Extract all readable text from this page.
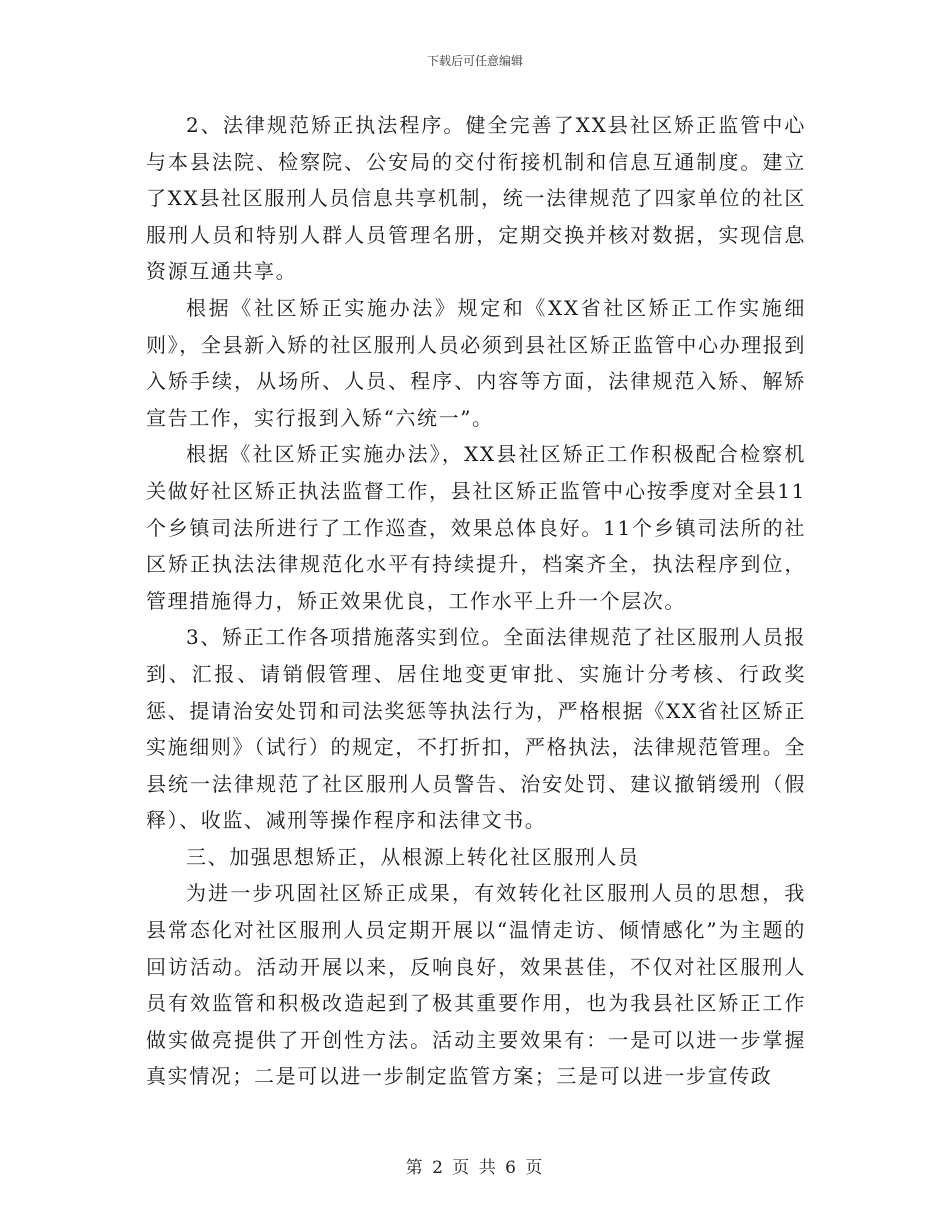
下载后可任意编辑

2、法律规范矫正执法程序。健全完善了XX县社区矫正监管中心与本县法院、检察院、公安局的交付衔接机制和信息互通制度。建立了XX县社区服刑人员信息共享机制，统一法律规范了四家单位的社区服刑人员和特别人群人员管理名册，定期交换并核对数据，实现信息资源互通共享。

根据《社区矫正实施办法》规定和《XX省社区矫正工作实施细则》，全县新入矫的社区服刑人员必须到县社区矫正监管中心办理报到入矫手续，从场所、人员、程序、内容等方面，法律规范入矫、解矫宣告工作，实行报到入矫“六统一”。

根据《社区矫正实施办法》，XX县社区矫正工作积极配合检察机关做好社区矫正执法监督工作，县社区矫正监管中心按季度对全县11个乡镇司法所进行了工作巡查，效果总体良好。11个乡镇司法所的社区矫正执法法律规范化水平有持续提升，档案齐全，执法程序到位，管理措施得力，矫正效果优良，工作水平上升一个层次。

3、矫正工作各项措施落实到位。全面法律规范了社区服刑人员报到、汇报、请销假管理、居住地变更审批、实施计分考核、行政奖惩、提请治安处罚和司法奖惩等执法行为，严格根据《XX省社区矫正实施细则》（试行）的规定，不打折扣，严格执法，法律规范管理。全县统一法律规范了社区服刑人员警告、治安处罚、建议撤销缓刑（假释）、收监、减刑等操作程序和法律文书。

三、加强思想矫正，从根源上转化社区服刑人员

为进一步巩固社区矫正成果，有效转化社区服刑人员的思想，我县常态化对社区服刑人员定期开展以“温情走访、倾情感化”为主题的回访活动。活动开展以来，反响良好，效果甚佳，不仅对社区服刑人员有效监管和积极改造起到了极其重要作用，也为我县社区矫正工作做实做亮提供了开创性方法。活动主要效果有：一是可以进一步掌握真实情况；二是可以进一步制定监管方案；三是可以进一步宣传政

第 2 页 共 6 页
